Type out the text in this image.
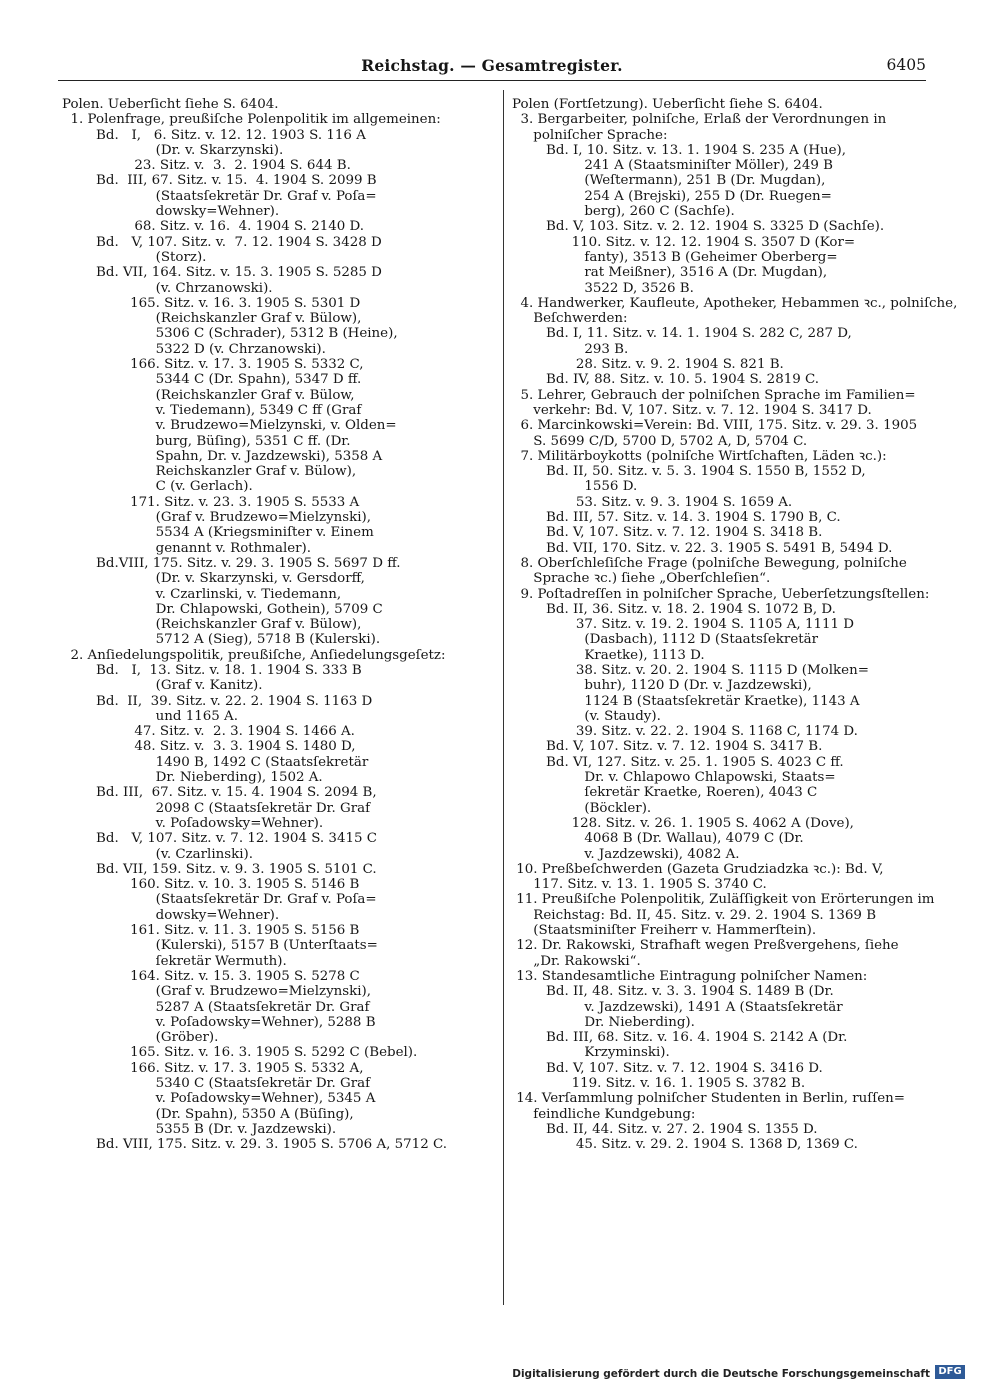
Reichstag. — Gesamtregister.	6405
Polen. Ueberſicht ſiehe S. 6404.
1. Polenfrage, preußiſche Polenpolitik im allgemeinen:
Bd.   I,   6. Sitz. v. 12. 12. 1903 S. 116 A
(Dr. v. Skarzynski).
23. Sitz. v.  3.  2. 1904 S. 644 B.
Bd.  III, 67. Sitz. v. 15.  4. 1904 S. 2099 B
(Staatsſekretär Dr. Graf v. Poſa=
dowsky=Wehner).
68. Sitz. v. 16.  4. 1904 S. 2140 D.
Bd.   V, 107. Sitz. v.  7. 12. 1904 S. 3428 D
(Storz).
Bd. VII, 164. Sitz. v. 15. 3. 1905 S. 5285 D
(v. Chrzanowski).
165. Sitz. v. 16. 3. 1905 S. 5301 D
(Reichskanzler Graf v. Bülow),
5306 C (Schrader), 5312 B (Heine),
5322 D (v. Chrzanowski).
166. Sitz. v. 17. 3. 1905 S. 5332 C,
5344 C (Dr. Spahn), 5347 D ff.
(Reichskanzler Graf v. Bülow,
v. Tiedemann), 5349 C ff (Graf
v. Brudzewo=Mielzynski, v. Olden=
burg, Büſing), 5351 C ff. (Dr.
Spahn, Dr. v. Jazdzewski), 5358 A
Reichskanzler Graf v. Bülow),
C (v. Gerlach).
171. Sitz. v. 23. 3. 1905 S. 5533 A
(Graf v. Brudzewo=Mielzynski),
5534 A (Kriegsminiſter v. Einem
genannt v. Rothmaler).
Bd.VIII, 175. Sitz. v. 29. 3. 1905 S. 5697 D ff.
(Dr. v. Skarzynski, v. Gersdorff,
v. Czarlinski, v. Tiedemann,
Dr. Chlapowski, Gothein), 5709 C
(Reichskanzler Graf v. Bülow),
5712 A (Sieg), 5718 B (Kulerski).
2. Anſiedelungspolitik, preußiſche, Anſiedelungsgeſetz:
Bd.   I,  13. Sitz. v. 18. 1. 1904 S. 333 B
(Graf v. Kanitz).
Bd.  II,  39. Sitz. v. 22. 2. 1904 S. 1163 D
und 1165 A.
47. Sitz. v.  2. 3. 1904 S. 1466 A.
48. Sitz. v.  3. 3. 1904 S. 1480 D,
1490 B, 1492 C (Staatsſekretär
Dr. Nieberding), 1502 A.
Bd. III,  67. Sitz. v. 15. 4. 1904 S. 2094 B,
2098 C (Staatsſekretär Dr. Graf
v. Poſadowsky=Wehner).
Bd.   V, 107. Sitz. v. 7. 12. 1904 S. 3415 C
(v. Czarlinski).
Bd. VII, 159. Sitz. v. 9. 3. 1905 S. 5101 C.
160. Sitz. v. 10. 3. 1905 S. 5146 B
(Staatsſekretär Dr. Graf v. Poſa=
dowsky=Wehner).
161. Sitz. v. 11. 3. 1905 S. 5156 B
(Kulerski), 5157 B (Unterſtaats=
ſekretär Wermuth).
164. Sitz. v. 15. 3. 1905 S. 5278 C
(Graf v. Brudzewo=Mielzynski),
5287 A (Staatsſekretär Dr. Graf
v. Poſadowsky=Wehner), 5288 B
(Gröber).
165. Sitz. v. 16. 3. 1905 S. 5292 C (Bebel).
166. Sitz. v. 17. 3. 1905 S. 5332 A,
5340 C (Staatsſekretär Dr. Graf
v. Poſadowsky=Wehner), 5345 A
(Dr. Spahn), 5350 A (Büſing),
5355 B (Dr. v. Jazdzewski).
Bd. VIII, 175. Sitz. v. 29. 3. 1905 S. 5706 A, 5712 C.
Polen (Fortſetzung). Ueberſicht ſiehe S. 6404.
3. Bergarbeiter, polniſche, Erlaß der Verordnungen in
polniſcher Sprache:
Bd. I, 10. Sitz. v. 13. 1. 1904 S. 235 A (Hue),
241 A (Staatsminiſter Möller), 249 B
(Weſtermann), 251 B (Dr. Mugdan),
254 A (Brejski), 255 D (Dr. Ruegen=
berg), 260 C (Sachſe).
Bd. V, 103. Sitz. v. 2. 12. 1904 S. 3325 D (Sachſe).
110. Sitz. v. 12. 12. 1904 S. 3507 D (Kor=
fanty), 3513 B (Geheimer Oberberg=
rat Meißner), 3516 A (Dr. Mugdan),
3522 D, 3526 B.
4. Handwerker, Kaufleute, Apotheker, Hebammen ꝛc., polniſche,
Beſchwerden:
Bd. I, 11. Sitz. v. 14. 1. 1904 S. 282 C, 287 D,
293 B.
28. Sitz. v. 9. 2. 1904 S. 821 B.
Bd. IV, 88. Sitz. v. 10. 5. 1904 S. 2819 C.
5. Lehrer, Gebrauch der polniſchen Sprache im Familien=
verkehr: Bd. V, 107. Sitz. v. 7. 12. 1904 S. 3417 D.
6. Marcinkowski=Verein: Bd. VIII, 175. Sitz. v. 29. 3. 1905
S. 5699 C/D, 5700 D, 5702 A, D, 5704 C.
7. Militärboykotts (polniſche Wirtſchaften, Läden ꝛc.):
Bd. II, 50. Sitz. v. 5. 3. 1904 S. 1550 B, 1552 D,
1556 D.
53. Sitz. v. 9. 3. 1904 S. 1659 A.
Bd. III, 57. Sitz. v. 14. 3. 1904 S. 1790 B, C.
Bd. V, 107. Sitz. v. 7. 12. 1904 S. 3418 B.
Bd. VII, 170. Sitz. v. 22. 3. 1905 S. 5491 B, 5494 D.
8. Oberſchleſiſche Frage (polniſche Bewegung, polniſche
Sprache ꝛc.) ſiehe „Oberſchleſien“.
9. Poſtadreſſen in polniſcher Sprache, Ueberſetzungsſtellen:
Bd. II, 36. Sitz. v. 18. 2. 1904 S. 1072 B, D.
37. Sitz. v. 19. 2. 1904 S. 1105 A, 1111 D
(Dasbach), 1112 D (Staatsſekretär
Kraetke), 1113 D.
38. Sitz. v. 20. 2. 1904 S. 1115 D (Molken=
buhr), 1120 D (Dr. v. Jazdzewski),
1124 B (Staatsſekretär Kraetke), 1143 A
(v. Staudy).
39. Sitz. v. 22. 2. 1904 S. 1168 C, 1174 D.
Bd. V, 107. Sitz. v. 7. 12. 1904 S. 3417 B.
Bd. VI, 127. Sitz. v. 25. 1. 1905 S. 4023 C ff.
Dr. v. Chlapowo Chlapowski, Staats=
ſekretär Kraetke, Roeren), 4043 C
(Böckler).
128. Sitz. v. 26. 1. 1905 S. 4062 A (Dove),
4068 B (Dr. Wallau), 4079 C (Dr.
v. Jazdzewski), 4082 A.
10. Preßbeſchwerden (Gazeta Grudziadzka ꝛc.): Bd. V,
117. Sitz. v. 13. 1. 1905 S. 3740 C.
11. Preußiſche Polenpolitik, Zuläſſigkeit von Erörterungen im
Reichstag: Bd. II, 45. Sitz. v. 29. 2. 1904 S. 1369 B
(Staatsminiſter Freiherr v. Hammerſtein).
12. Dr. Rakowski, Strafhaft wegen Preßvergehens, ſiehe
„Dr. Rakowski“.
13. Standesamtliche Eintragung polniſcher Namen:
Bd. II, 48. Sitz. v. 3. 3. 1904 S. 1489 B (Dr.
v. Jazdzewski), 1491 A (Staatsſekretär
Dr. Nieberding).
Bd. III, 68. Sitz. v. 16. 4. 1904 S. 2142 A (Dr.
Krzyminski).
Bd. V, 107. Sitz. v. 7. 12. 1904 S. 3416 D.
119. Sitz. v. 16. 1. 1905 S. 3782 B.
14. Verſammlung polniſcher Studenten in Berlin, ruſſen=
feindliche Kundgebung:
Bd. II, 44. Sitz. v. 27. 2. 1904 S. 1355 D.
45. Sitz. v. 29. 2. 1904 S. 1368 D, 1369 C.
Digitalisierung gefördert durch die Deutsche Forschungsgemeinschaft DFG
